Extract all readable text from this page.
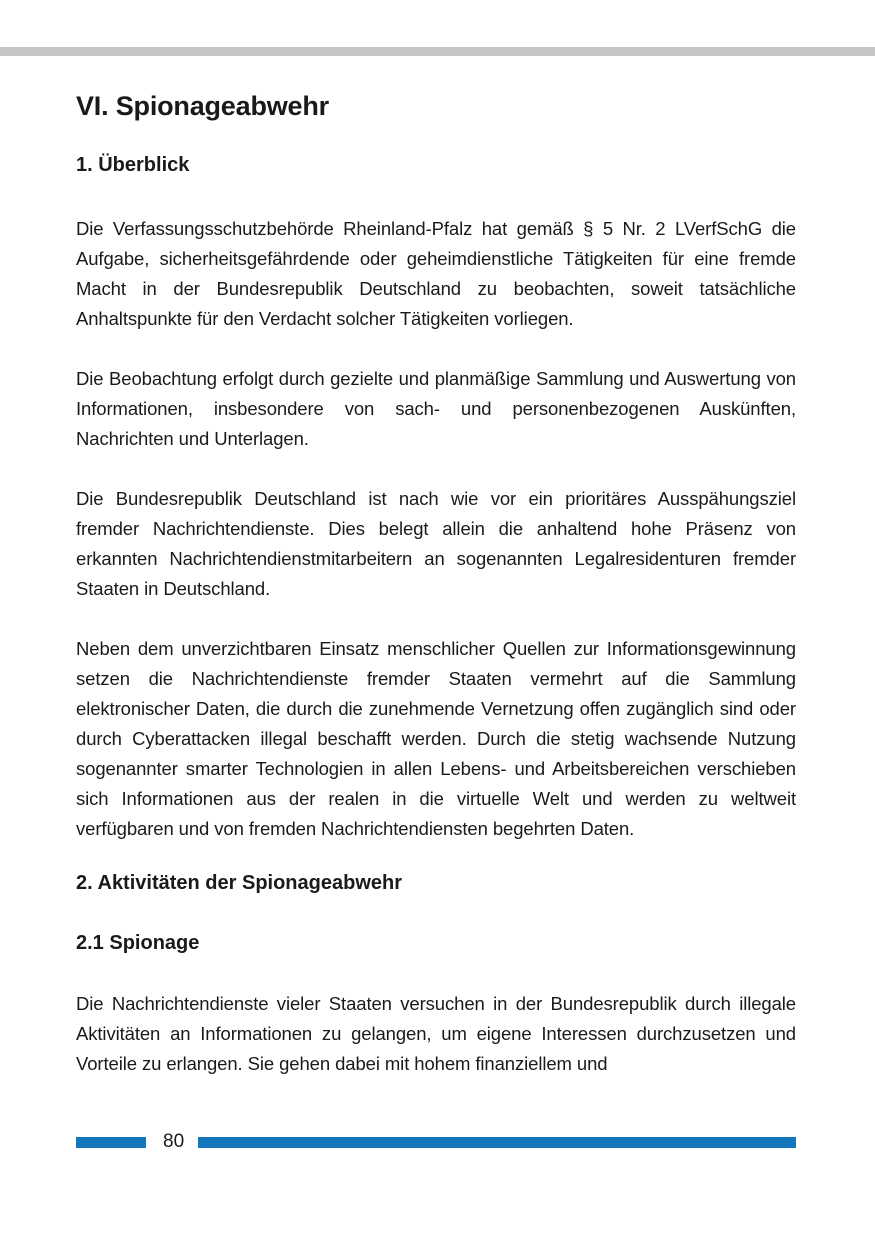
VI. Spionageabwehr
1. Überblick

Die Verfassungsschutzbehörde Rheinland-Pfalz hat gemäß § 5 Nr. 2 LVerfSchG die Aufgabe, sicherheitsgefährdende oder geheimdienstliche Tätigkeiten für eine fremde Macht in der Bundesrepublik Deutschland zu beobachten, soweit tatsächliche Anhaltspunkte für den Verdacht solcher Tätigkeiten vorliegen.

Die Beobachtung erfolgt durch gezielte und planmäßige Sammlung und Auswertung von Informationen, insbesondere von sach- und personenbezogenen Auskünften, Nachrichten und Unterlagen.

Die Bundesrepublik Deutschland ist nach wie vor ein prioritäres Ausspähungsziel fremder Nachrichtendienste. Dies belegt allein die anhaltend hohe Präsenz von erkannten Nachrichtendienstmitarbeitern an sogenannten Legalresidenturen fremder Staaten in Deutschland.

Neben dem unverzichtbaren Einsatz menschlicher Quellen zur Informationsgewinnung setzen die Nachrichtendienste fremder Staaten vermehrt auf die Sammlung elektronischer Daten, die durch die zunehmende Vernetzung offen zugänglich sind oder durch Cyberattacken illegal beschafft werden. Durch die stetig wachsende Nutzung sogenannter smarter Technologien in allen Lebens- und Arbeitsbereichen verschieben sich Informationen aus der realen in die virtuelle Welt und werden zu weltweit verfügbaren und von fremden Nachrichtendiensten begehrten Daten.

2. Aktivitäten der Spionageabwehr
2.1 Spionage

Die Nachrichtendienste vieler Staaten versuchen in der Bundesrepublik durch illegale Aktivitäten an Informationen zu gelangen, um eigene Interessen durchzusetzen und Vorteile zu erlangen. Sie gehen dabei mit hohem finanziellem und

80
